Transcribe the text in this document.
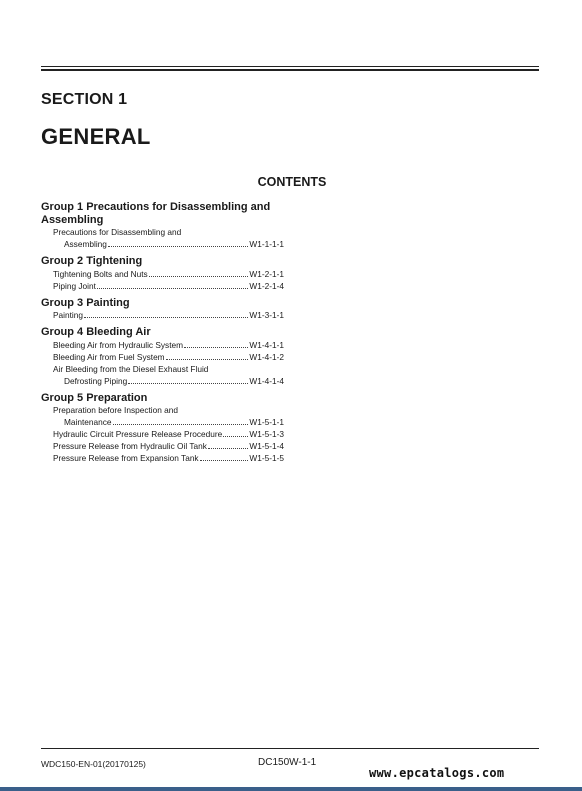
SECTION 1
GENERAL
CONTENTS
Group 1 Precautions for Disassembling and
Assembling
Precautions for Disassembling and
Assembling	W1-1-1-1
Group 2 Tightening
Tightening Bolts and Nuts	W1-2-1-1
Piping Joint	W1-2-1-4
Group 3 Painting
Painting	W1-3-1-1
Group 4 Bleeding Air
Bleeding Air from Hydraulic System	W1-4-1-1
Bleeding Air from Fuel System	W1-4-1-2
Air Bleeding from the Diesel Exhaust Fluid
Defrosting Piping	W1-4-1-4
Group 5 Preparation
Preparation before Inspection and
Maintenance	W1-5-1-1
Hydraulic Circuit Pressure Release Procedure	W1-5-1-3
Pressure Release from Hydraulic Oil Tank	W1-5-1-4
Pressure Release from Expansion Tank	W1-5-1-5
WDC150-EN-01(20170125)	DC150W-1-1
www.epcatalogs.com
